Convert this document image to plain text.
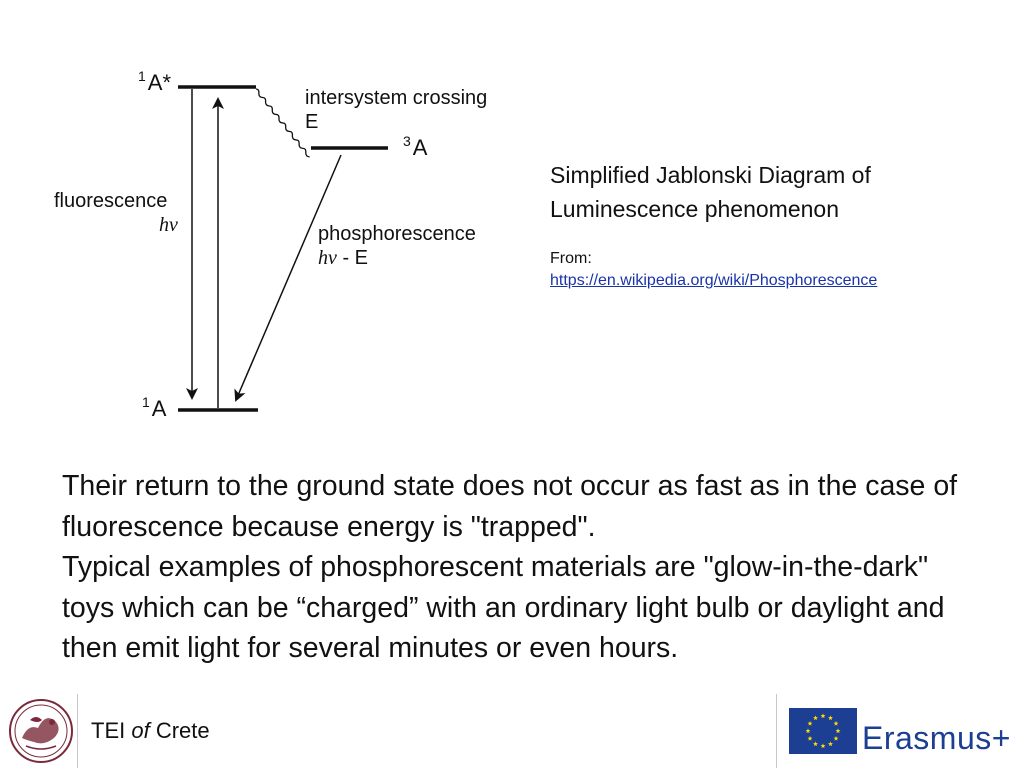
$^1$A*
$^3$A
$^1$A
intersystem crossing
E
fluorescence
hν	phosphorescence
hν - E

Simplified Jablonski Diagram of Luminescence phenomenon

From:

https://en.wikipedia.org/wiki/Phosphorescence

Their return to the ground state does not occur as fast as in the case of fluorescence because energy is "trapped".

Typical examples of phosphorescent materials are "glow-in-the-dark" toys which can be “charged” with an ordinary light bulb or daylight and then emit light for several minutes or even hours.

TEI of Crete	Erasmus+
